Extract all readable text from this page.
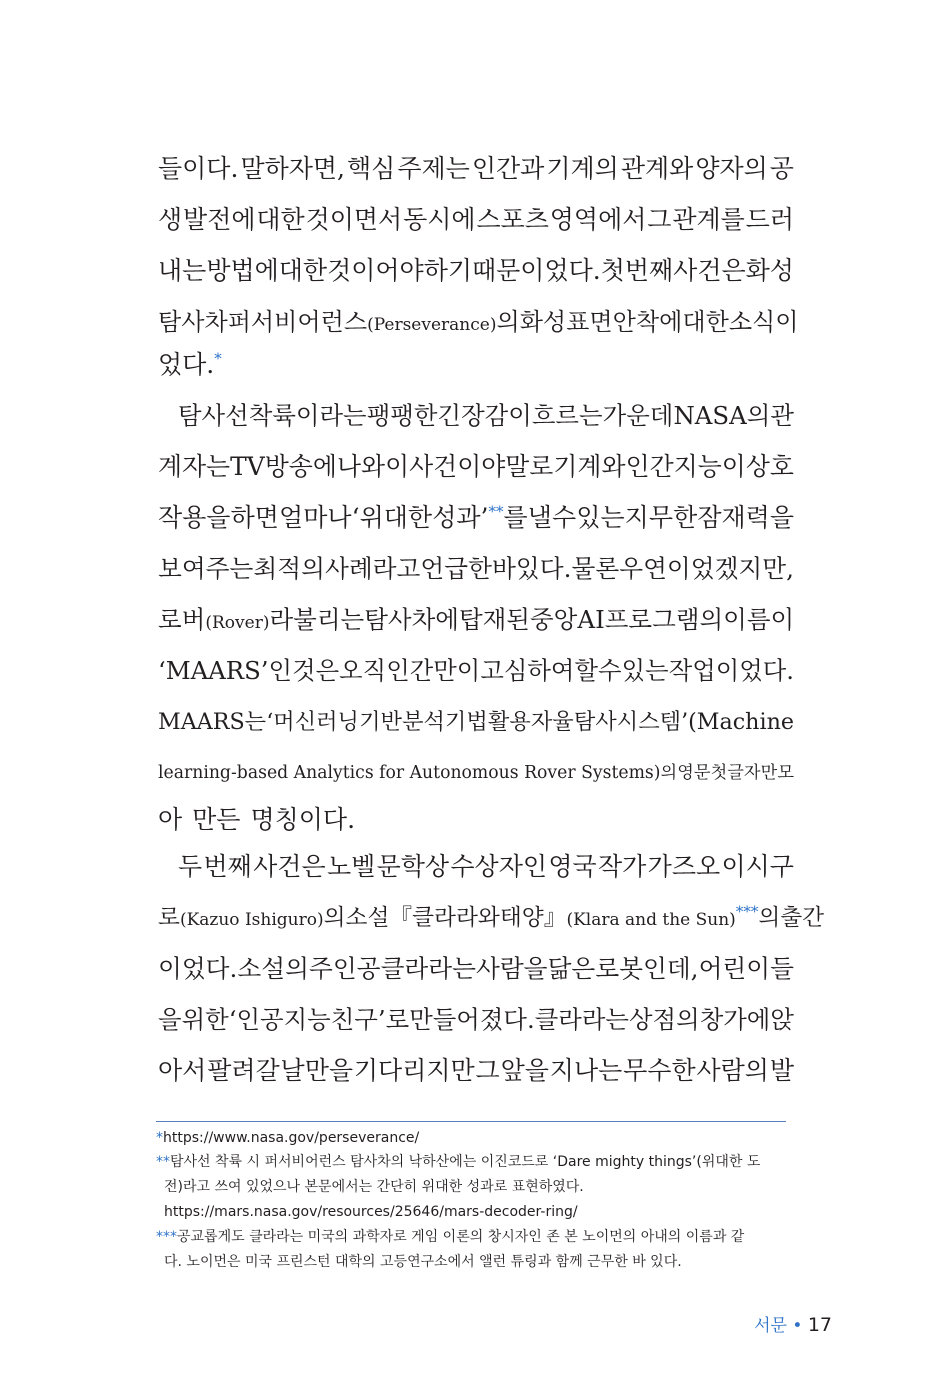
들이다. 말하자면, 핵심 주제는 인간과 기계의 관계와 양자의 공
생 발전에 대한 것이면서 동시에 스포츠 영역에서 그 관계를 드러
내는 방법에 대한 것이어야 하기 때문이었다. 첫 번째 사건은 화성
탐사차 퍼서비어런스(Perseverance)의 화성 표면 안착에 대한 소식이
었다.*
탐사선 착륙이라는 팽팽한 긴장감이 흐르는 가운데 NASA의 관
계자는 TV 방송에 나와 이 사건이야말로 기계와 인간 지능이 상호
작용을 하면 얼마나 ‘위대한 성과’**를 낼 수 있는지 무한 잠재력을
보여주는 최적의 사례라고 언급한 바 있다. 물론 우연이었겠지만,
로버(Rover)라 불리는 탐사차에 탑재된 중앙 AI 프로그램의 이름이
‘MAARS’인 것은 오직 인간만이 고심하여 할 수 있는 작업이었다.
MAARS는 ‘머신러닝 기반 분석기법 활용 자율 탐사 시스템’(Machine
learning-based Analytics for Autonomous Rover Systems)의 영문 첫글자만 모
아 만든 명칭이다.
두 번째 사건은 노벨 문학상 수상자인 영국 작가 가즈오 이시구
로(Kazuo Ishiguro)의 소설 『클라라와 태양』(Klara and the Sun)***의 출간
이었다. 소설의 주인공 클라라는 사람을 닮은 로봇인데, 어린이들
을 위한 ‘인공지능 친구’로 만들어졌다. 클라라는 상점의 창가에 앉
아서 팔려갈 날만을 기다리지만 그 앞을 지나는 무수한 사람의 발
*https://www.nasa.gov/perseverance/
**탐사선 착륙 시 퍼서비어런스 탐사차의 낙하산에는 이진코드로 ‘Dare mighty things’(위대한 도
전)라고 쓰여 있었으나 본문에서는 간단히 위대한 성과로 표현하였다.
https://mars.nasa.gov/resources/25646/mars-decoder-ring/
***공교롭게도 클라라는 미국의 과학자로 게임 이론의 창시자인 존 본 노이먼의 아내의 이름과 같
다. 노이먼은 미국 프린스턴 대학의 고등연구소에서 앨런 튜링과 함께 근무한 바 있다.
서문 • 17
